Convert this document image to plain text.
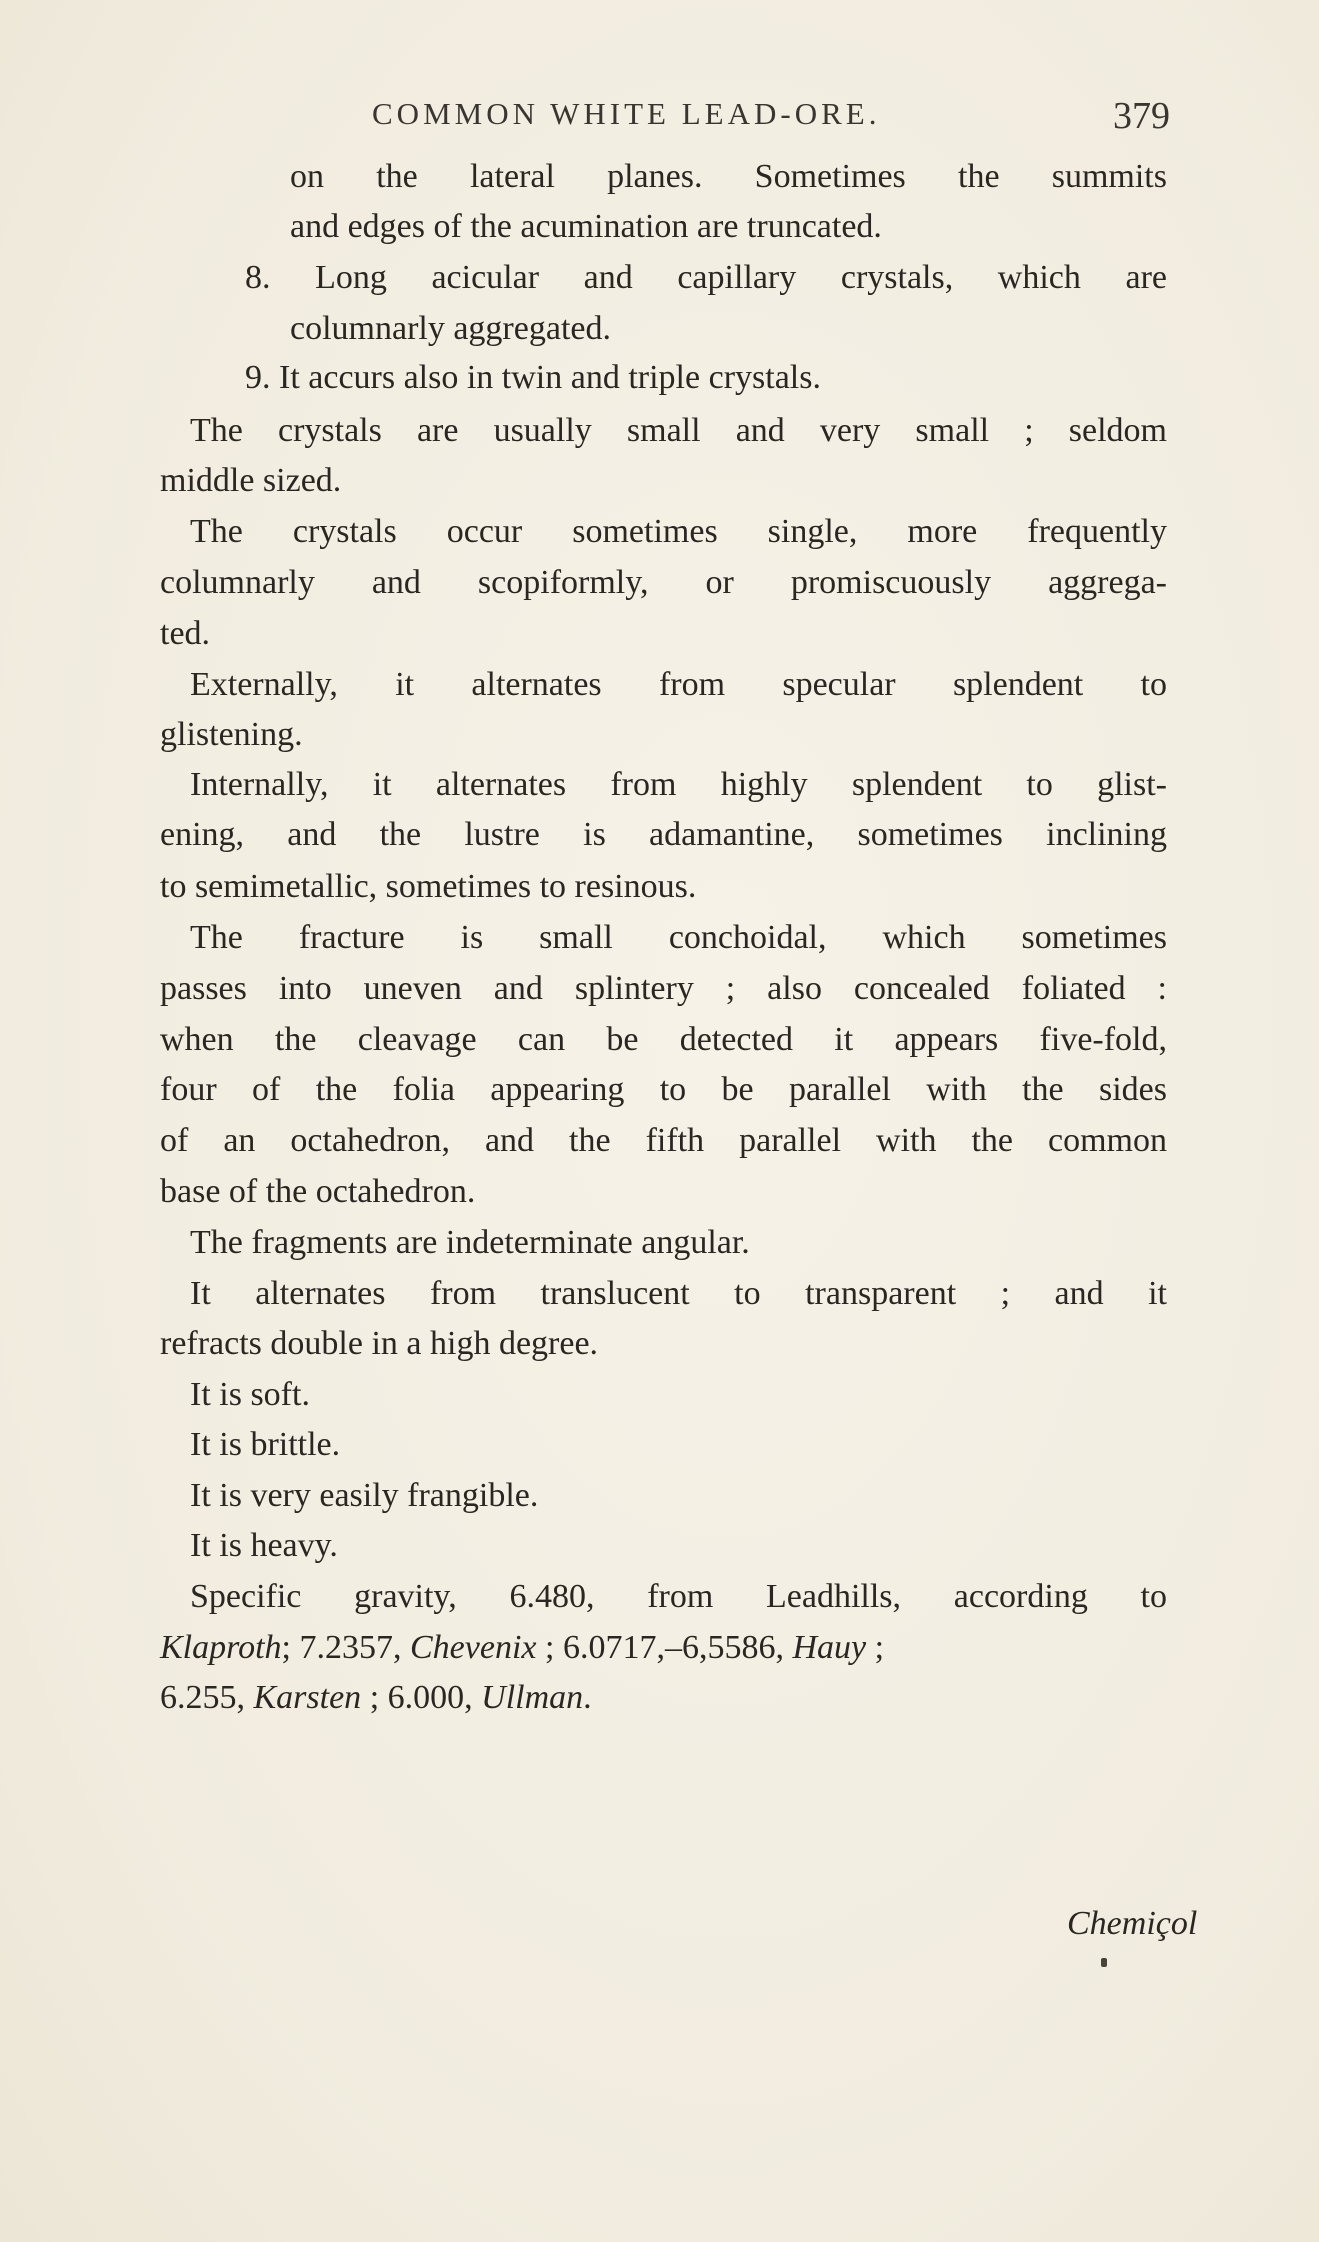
COMMON WHITE LEAD-ORE.	379
on the lateral planes. Sometimes the summits
and edges of the acumination are truncated.
8. Long acicular and capillary crystals, which are
columnarly aggregated.
9. It accurs also in twin and triple crystals.
The crystals are usually small and very small ; seldom
middle sized.
The crystals occur sometimes single, more frequently
columnarly and scopiformly, or promiscuously aggrega-
ted.
Externally, it alternates from specular splendent to
glistening.
Internally, it alternates from highly splendent to glist-
ening, and the lustre is adamantine, sometimes inclining
to semimetallic, sometimes to resinous.
The fracture is small conchoidal, which sometimes
passes into uneven and splintery ; also concealed foliated :
when the cleavage can be detected it appears five-fold,
four of the folia appearing to be parallel with the sides
of an octahedron, and the fifth parallel with the common
base of the octahedron.
The fragments are indeterminate angular.
It alternates from translucent to transparent ; and it
refracts double in a high degree.
It is soft.
It is brittle.
It is very easily frangible.
It is heavy.
Specific gravity, 6.480, from Leadhills, according to
Klaproth; 7.2357, Chevenix ; 6.0717,–6,5586, Hauy ;
6.255, Karsten ; 6.000, Ullman.
Chemiçol
